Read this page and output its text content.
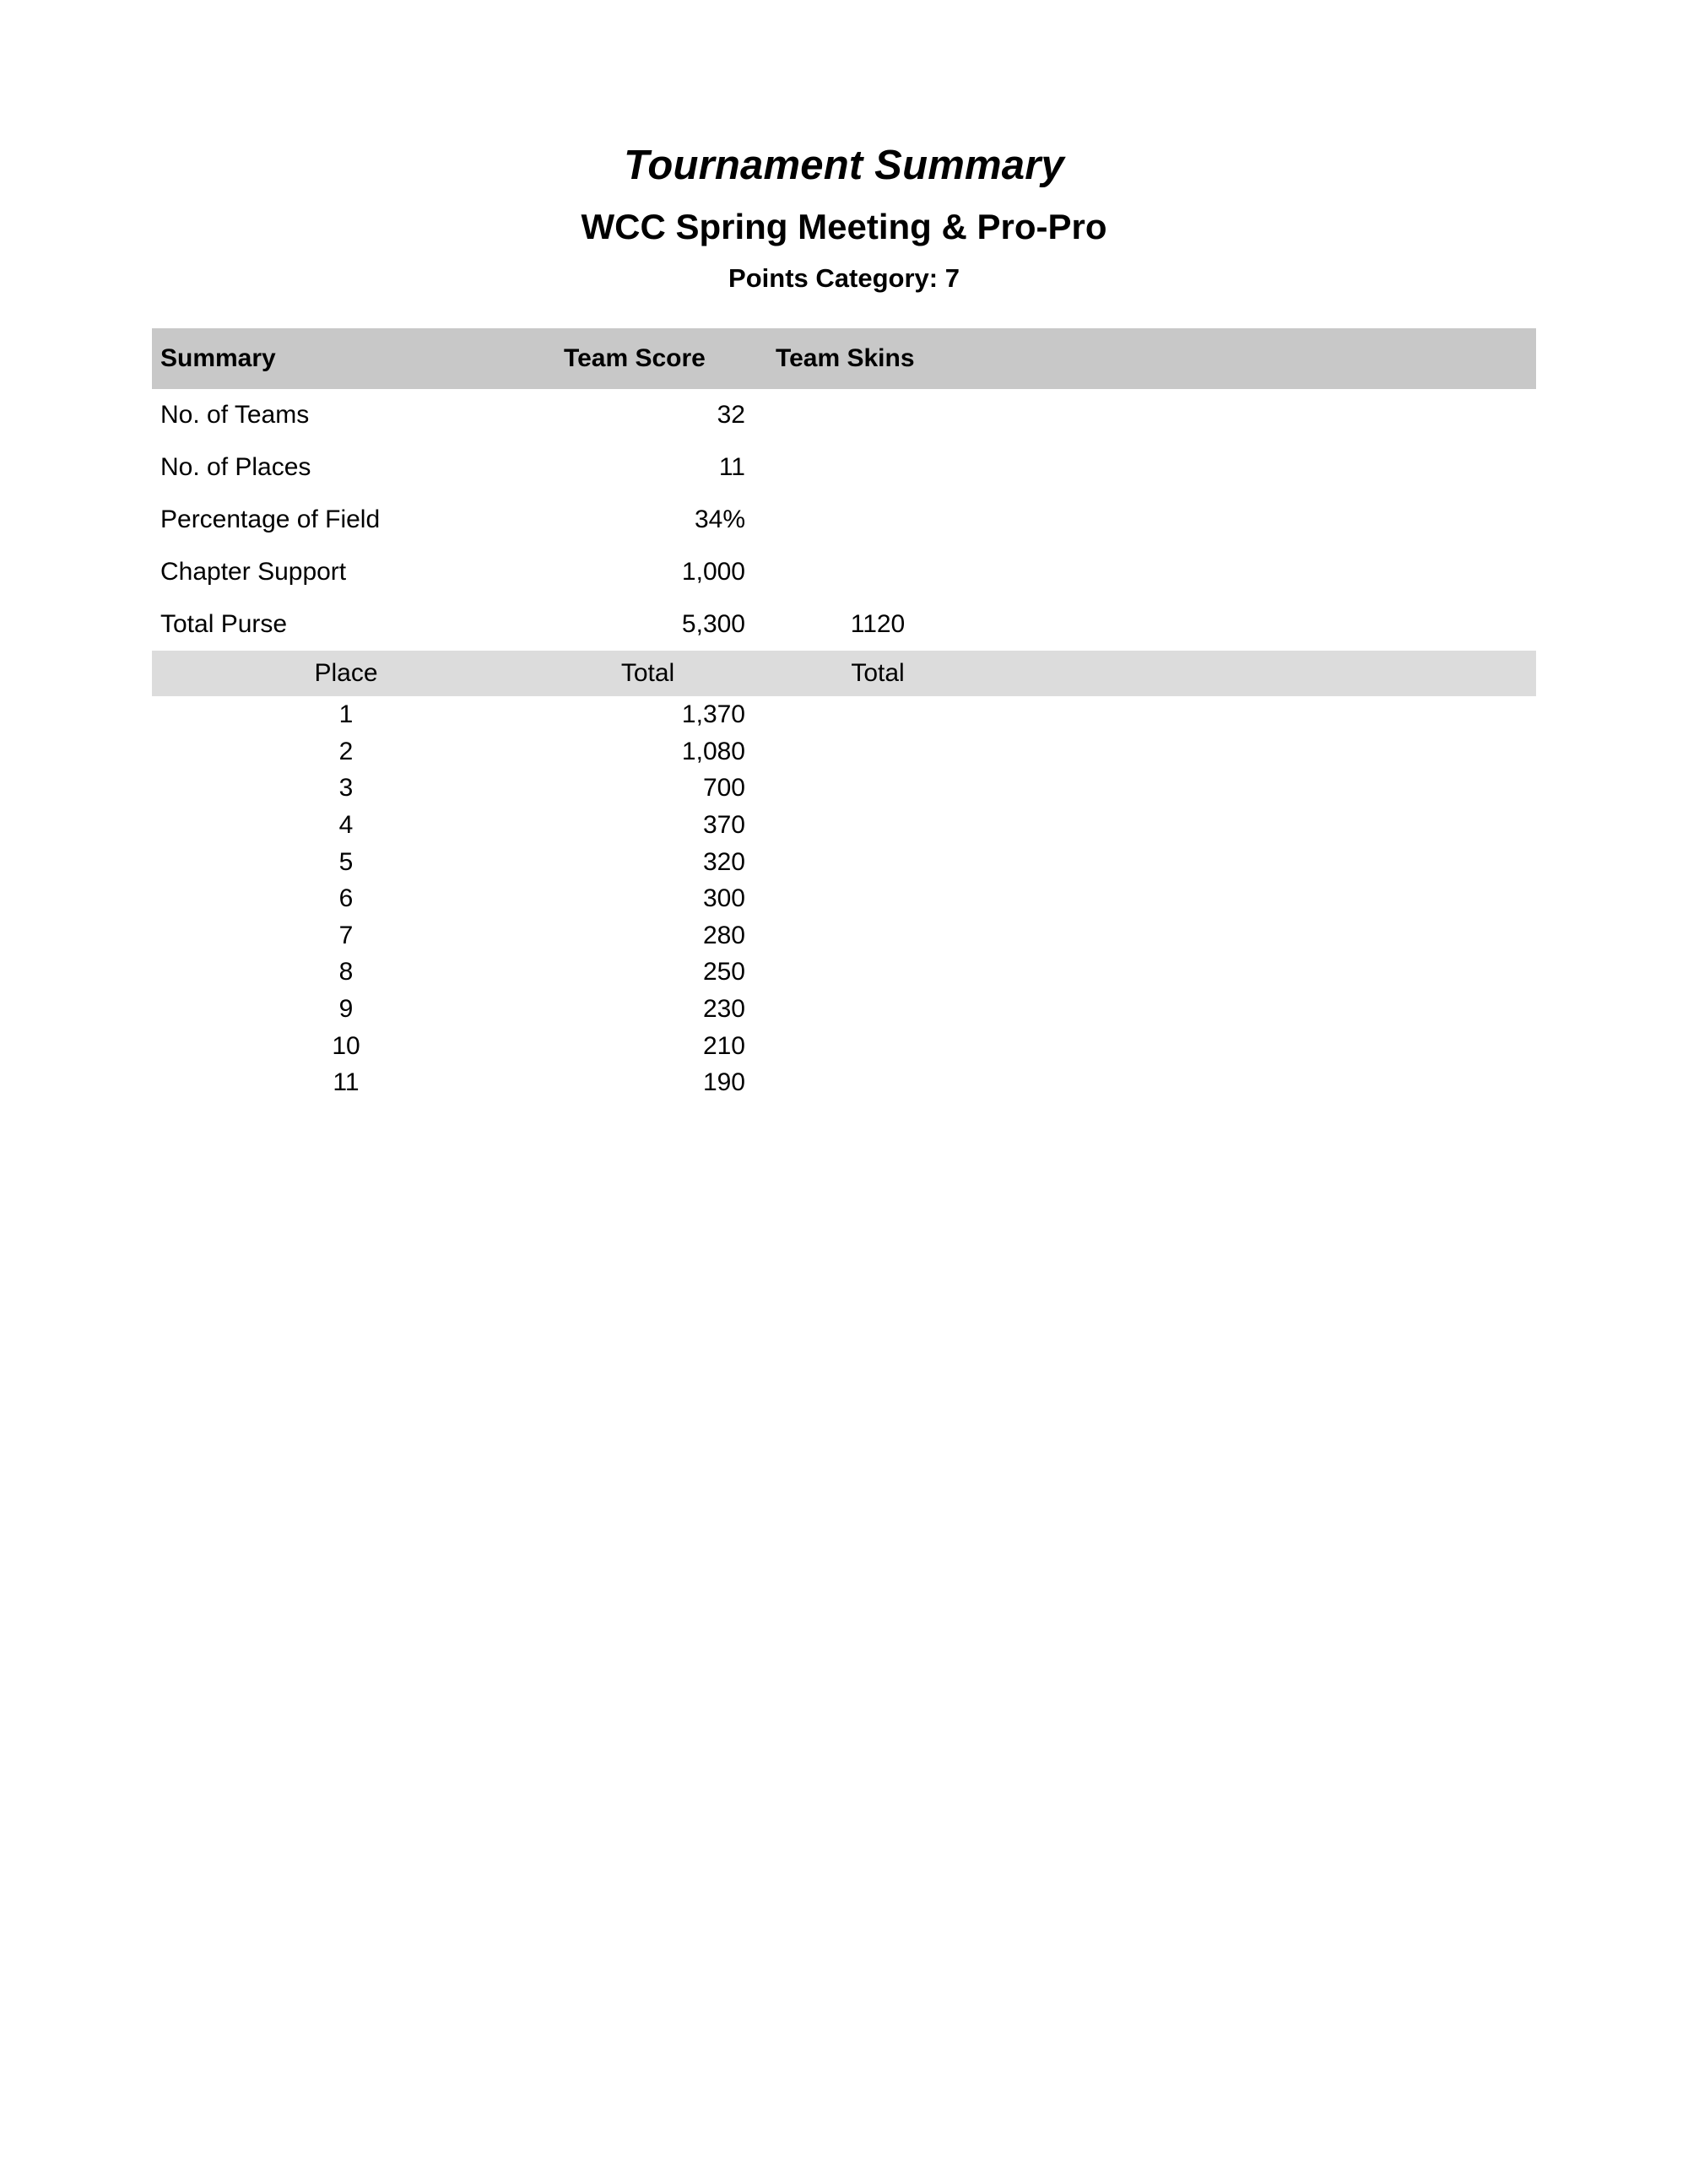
Tournament Summary
WCC Spring Meeting & Pro-Pro
Points Category: 7
Summary	Team Score	Team Skins	
No. of Teams	32		
No. of Places	11		
Percentage of Field	34%		
Chapter Support	1,000		
Total Purse	5,300	1120	
Place	Total	Total	
1	1,370		
2	1,080		
3	700		
4	370		
5	320		
6	300		
7	280		
8	250		
9	230		
10	210		
11	190		
